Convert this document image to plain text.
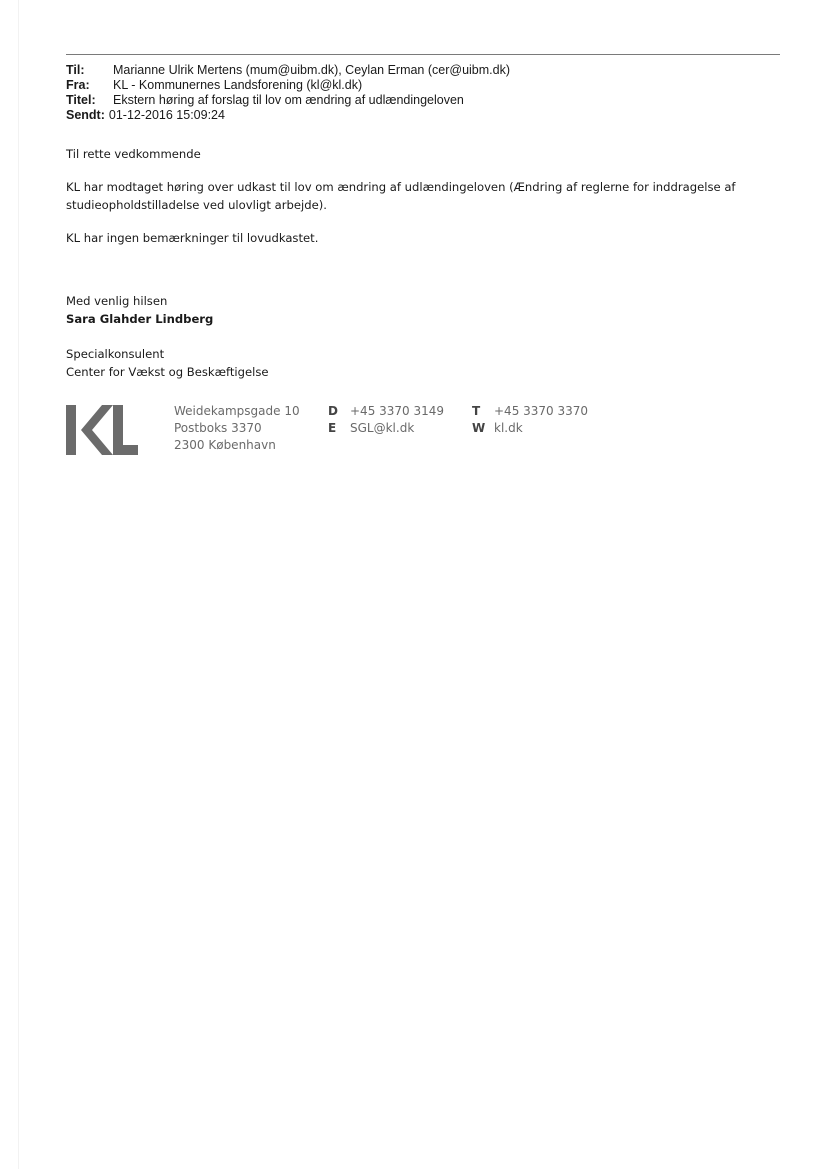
Til:	Marianne Ulrik Mertens (mum@uibm.dk), Ceylan Erman (cer@uibm.dk)
Fra:	KL - Kommunernes Landsforening (kl@kl.dk)
Titel:	Ekstern høring af forslag til lov om ændring af udlændingeloven
Sendt: 01-12-2016 15:09:24

Til rette vedkommende

KL har modtaget høring over udkast til lov om ændring af udlændingeloven (Ændring af reglerne for inddragelse af
studieopholdstilladelse ved ulovligt arbejde).

KL har ingen bemærkninger til lovudkastet.

Med venlig hilsen

Sara Glahder Lindberg

Specialkonsulent

Center for Vækst og Beskæftigelse

Weidekampsgade 10
Postboks 3370
2300 København
D +45 3370 3149
E SGL@kl.dk
T +45 3370 3370
W kl.dk
